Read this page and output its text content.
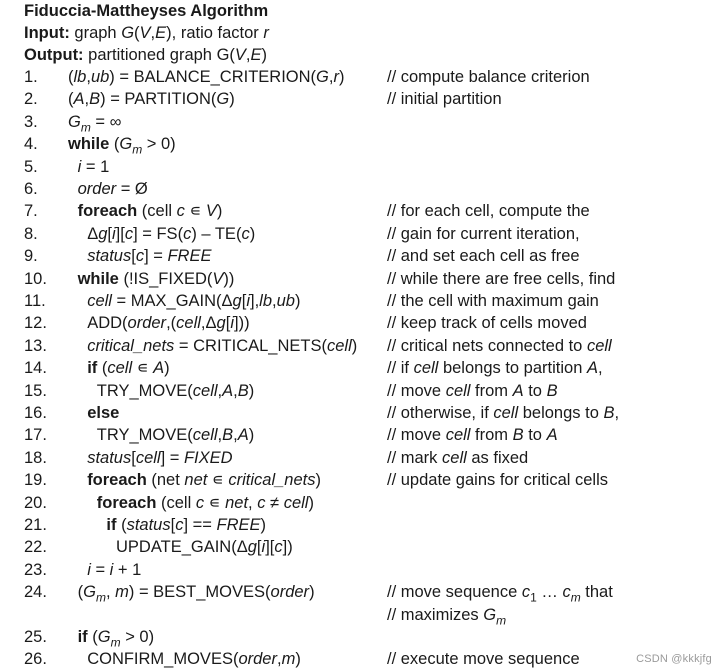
Fiduccia-Mattheyses Algorithm
Input: graph G(V,E), ratio factor r
Output: partitioned graph G(V,E)
1.	(lb,ub) = BALANCE_CRITERION(G,r)	// compute balance criterion
2.	(A,B) = PARTITION(G)	// initial partition
3.	$G_m$ = ∞
4.	while $(G_m > 0)$
5.	i = 1
6.	order = Ø
7.	foreach (cell c ∊ V)	// for each cell, compute the
8.	Δg[i][c] = FS(c) – TE(c)	// gain for current iteration,
9.	status[c] = FREE	// and set each cell as free
10.	while (!IS_FIXED(V))	// while there are free cells, find
11.	cell = MAX_GAIN(Δg[i],lb,ub)	// the cell with maximum gain
12.	ADD(order,(cell,Δg[i]))	// keep track of cells moved
13.	critical_nets = CRITICAL_NETS(cell) // critical nets connected to cell
14.	if (cell ∊ A)	// if cell belongs to partition A,
15.	TRY_MOVE(cell,A,B)	// move cell from A to B
16.	else	// otherwise, if cell belongs to B,
17.	TRY_MOVE(cell,B,A)	// move cell from B to A
18.	status[cell] = FIXED	// mark cell as fixed
19.	foreach (net net ∊ critical_nets)	// update gains for critical cells
20.	foreach (cell c ∊ net, c ≠ cell)
21.	if (status[c] == FREE)
22.	UPDATE_GAIN(Δg[i][c])
23.	i = i + 1
24.	($G_m$, m) = BEST_MOVES(order)	// move sequence $c_1$ … $c_m$ that
// maximizes $G_m$
25.	if $(G_m > 0)$
26.	CONFIRM_MOVES(order,m)	// execute move sequence	CSDN @kkkjfg
